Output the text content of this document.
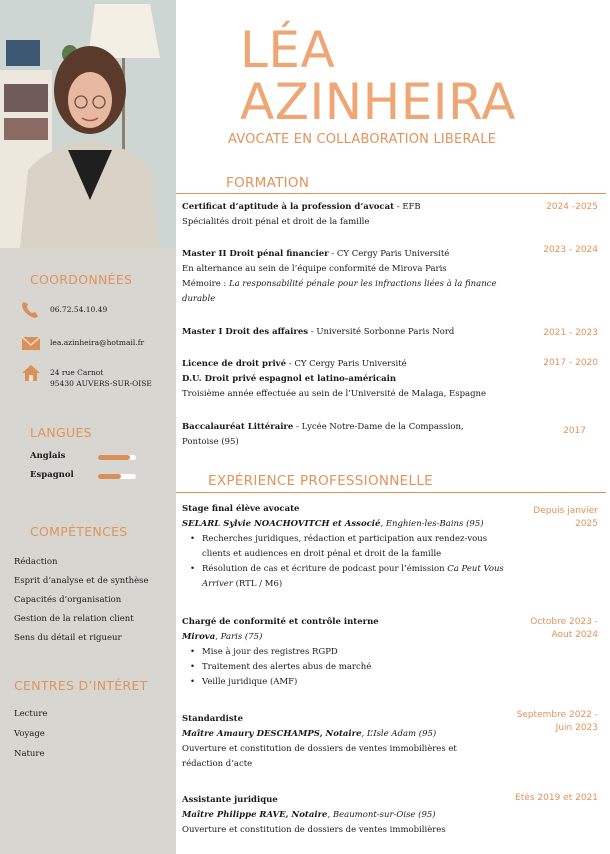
COORDONNÉES
06.72.54.10.49
lea.azinheira@hotmail.fr
24 rue Carnot
95430 AUVERS-SUR-OISE
LANGUES
Anglais
Espagnol
COMPÉTENCES
Rédaction
Esprit d’analyse et de synthèse
Capacités d’organisation
Gestion de la relation client
Sens du détail et rigueur
CENTRES D’INTÉRET
Lecture
Voyage
Nature
LÉA
AZINHEIRA
AVOCATE EN COLLABORATION LIBERALE
FORMATION
Certificat d’aptitude à la profession d’avocat - EFB
Spécialités droit pénal et droit de la famille
2024 -2025
Master II Droit pénal financier - CY Cergy Paris Université
En alternance au sein de l’équipe conformité de Mirova Paris
Mémoire : La responsabilité pénale pour les infractions liées à la finance durable
2023 - 2024
Master I Droit des affaires - Université Sorbonne Paris Nord	2021 - 2023
Licence de droit privé - CY Cergy Paris Université
D.U. Droit privé espagnol et latino-américain
Troisième année effectuée au sein de l’Université de Malaga, Espagne
2017 - 2020
Baccalauréat Littéraire - Lycée Notre-Dame de la Compassion, Pontoise (95)
2017
EXPÉRIENCE PROFESSIONNELLE
Stage final élève avocate
SELARL Sylvie NOACHOVITCH et Associé, Enghien-les-Bains (95)
• Recherches juridiques, rédaction et participation aux rendez-vous clients et audiences en droit pénal et droit de la famille
• Résolution de cas et écriture de podcast pour l’émission Ca Peut Vous Arriver (RTL / M6)
Depuis janvier 2025
Chargé de conformité et contrôle interne
Mirova, Paris (75)
• Mise à jour des registres RGPD
• Traitement des alertes abus de marché
• Veille juridique (AMF)
Octobre 2023 - Aout 2024
Standardiste
Maître Amaury DESCHAMPS, Notaire, L’Isle Adam (95)
Ouverture et constitution de dossiers de ventes immobilières et rédaction d’acte
Septembre 2022 - Juin 2023
Assistante juridique
Maître Philippe RAVE, Notaire, Beaumont-sur-Oise (95)
Ouverture et constitution de dossiers de ventes immobilières
Etés 2019 et 2021
